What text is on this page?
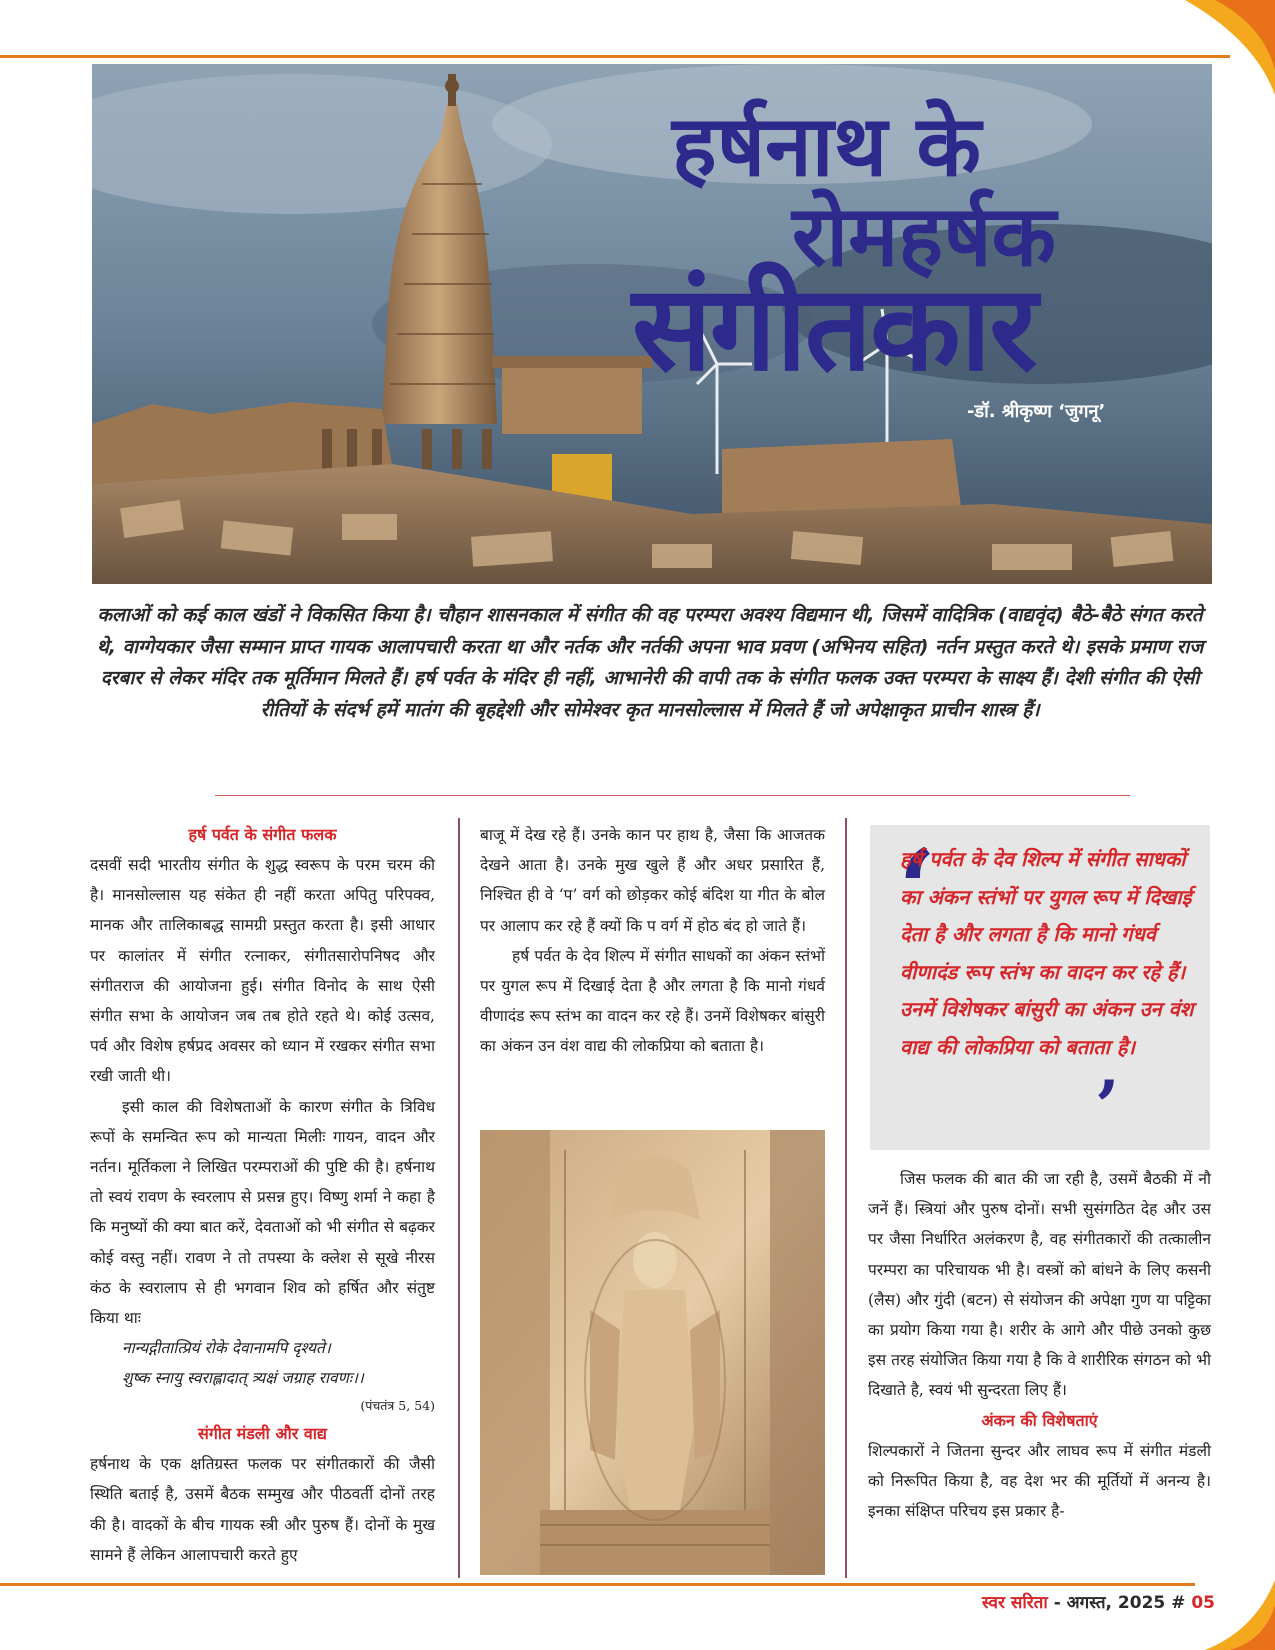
हर्षनाथ के
रोमहर्षक
संगीतकार
-डॉ. श्रीकृष्ण ‘जुगनू’
कलाओं को कई काल खंडों ने विकसित किया है। चौहान शासनकाल में संगीत की वह परम्परा अवश्य विद्यमान थी, जिसमें वादित्रिक (वाद्यवृंद) बैठे-बैठे संगत करते थे, वाग्गेयकार जैसा सम्मान प्राप्त गायक आलापचारी करता था और नर्तक और नर्तकी अपना भाव प्रवण (अभिनय सहित) नर्तन प्रस्तुत करते थे। इसके प्रमाण राज दरबार से लेकर मंदिर तक मूर्तिमान मिलते हैं। हर्ष पर्वत के मंदिर ही नहीं, आभानेरी की वापी तक के संगीत फलक उक्त परम्परा के साक्ष्य हैं। देशी संगीत की ऐसी रीतियों के संदर्भ हमें मातंग की बृहद्देशी और सोमेश्वर कृत मानसोल्लास में मिलते हैं जो अपेक्षाकृत प्राचीन शास्त्र हैं।

हर्ष पर्वत के संगीत फलक

दसवीं सदी भारतीय संगीत के शुद्ध स्वरूप के परम चरम की है। मानसोल्लास यह संकेत ही नहीं करता अपितु परिपक्व, मानक और तालिकाबद्ध सामग्री प्रस्तुत करता है। इसी आधार पर कालांतर में संगीत रत्नाकर, संगीतसारोपनिषद और संगीतराज की आयोजना हुई। संगीत विनोद के साथ ऐसी संगीत सभा के आयोजन जब तब होते रहते थे। कोई उत्सव, पर्व और विशेष हर्षप्रद अवसर को ध्यान में रखकर संगीत सभा रखी जाती थी।

इसी काल की विशेषताओं के कारण संगीत के त्रिविध रूपों के समन्वित रूप को मान्यता मिलीः गायन, वादन और नर्तन। मूर्तिकला ने लिखित परम्पराओं की पुष्टि की है। हर्षनाथ तो स्वयं रावण के स्वरलाप से प्रसन्न हुए। विष्णु शर्मा ने कहा है कि मनुष्यों की क्या बात करें, देवताओं को भी संगीत से बढ़कर कोई वस्तु नहीं। रावण ने तो तपस्या के क्लेश से सूखे नीरस कंठ के स्वरालाप से ही भगवान शिव को हर्षित और संतुष्ट किया थाः

नान्यद्गीतात्प्रियं रोके देवानामपि दृश्यते।

शुष्क स्नायु स्वराह्लादात् त्र्यक्षं जग्राह रावणः।।

(पंचतंत्र 5, 54)

संगीत मंडली और वाद्य

हर्षनाथ के एक क्षतिग्रस्त फलक पर संगीतकारों की जैसी स्थिति बताई है, उसमें बैठक सम्मुख और पीठवर्ती दोनों तरह की है। वादकों के बीच गायक स्त्री और पुरुष हैं। दोनों के मुख सामने हैं लेकिन आलापचारी करते हुए

बाजू में देख रहे हैं। उनके कान पर हाथ है, जैसा कि आजतक देखने आता है। उनके मुख खुले हैं और अधर प्रसारित हैं, निश्चित ही वे ‘प’ वर्ग को छोड़कर कोई बंदिश या गीत के बोल पर आलाप कर रहे हैं क्यों कि प वर्ग में होठ बंद हो जाते हैं।

हर्ष पर्वत के देव शिल्प में संगीत साधकों का अंकन स्तंभों पर युगल रूप में दिखाई देता है और लगता है कि मानो गंधर्व वीणादंड रूप स्तंभ का वादन कर रहे हैं। उनमें विशेषकर बांसुरी का अंकन उन वंश वाद्य की लोकप्रिया को बताता है।

‘
हर्ष पर्वत के देव शिल्प में संगीत साधकों का अंकन स्तंभों पर युगल रूप में दिखाई देता है और लगता है कि मानो गंधर्व वीणादंड रूप स्तंभ का वादन कर रहे हैं। उनमें विशेषकर बांसुरी का अंकन उन वंश वाद्य की लोकप्रिया को बताता है।
’

जिस फलक की बात की जा रही है, उसमें बैठकी में नौ जनें हैं। स्त्रियां और पुरुष दोनों। सभी सुसंगठित देह और उस पर जैसा निर्धारित अलंकरण है, वह संगीतकारों की तत्कालीन परम्परा का परिचायक भी है। वस्त्रों को बांधने के लिए कसनी (लैस) और गुंदी (बटन) से संयोजन की अपेक्षा गुण या पट्टिका का प्रयोग किया गया है। शरीर के आगे और पीछे उनको कुछ इस तरह संयोजित किया गया है कि वे शारीरिक संगठन को भी दिखाते है, स्वयं भी सुन्दरता लिए हैं।

अंकन की विशेषताएं

शिल्पकारों ने जितना सुन्दर और लाघव रूप में संगीत मंडली को निरूपित किया है, वह देश भर की मूर्तियों में अनन्य है। इनका संक्षिप्त परिचय इस प्रकार है-

स्वर सरिता - अगस्त, 2025 # 05
